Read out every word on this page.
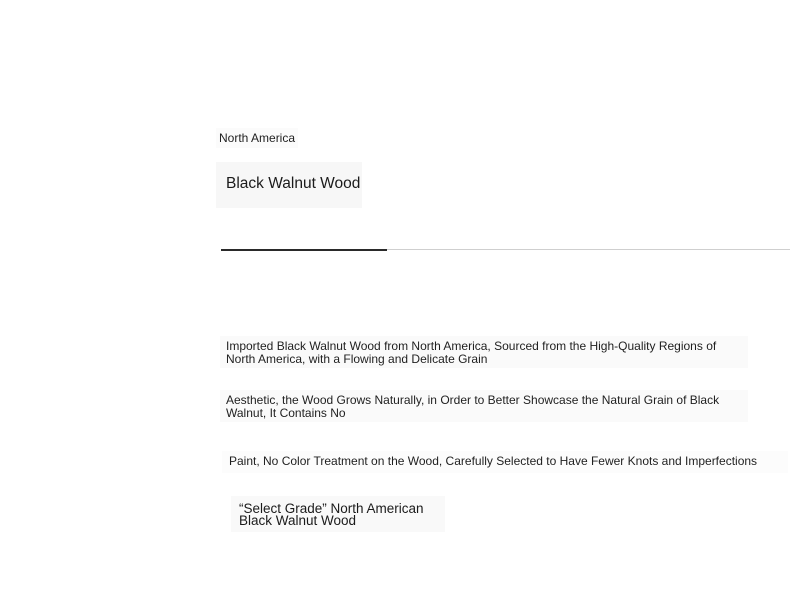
North America
Black Walnut Wood
Imported Black Walnut Wood from North America, Sourced from the High-Quality Regions of North America, with a Flowing and Delicate Grain
Aesthetic, the Wood Grows Naturally, in Order to Better Showcase the Natural Grain of Black Walnut, It Contains No
Paint, No Color Treatment on the Wood, Carefully Selected to Have Fewer Knots and Imperfections
“Select Grade” North American
Black Walnut Wood
